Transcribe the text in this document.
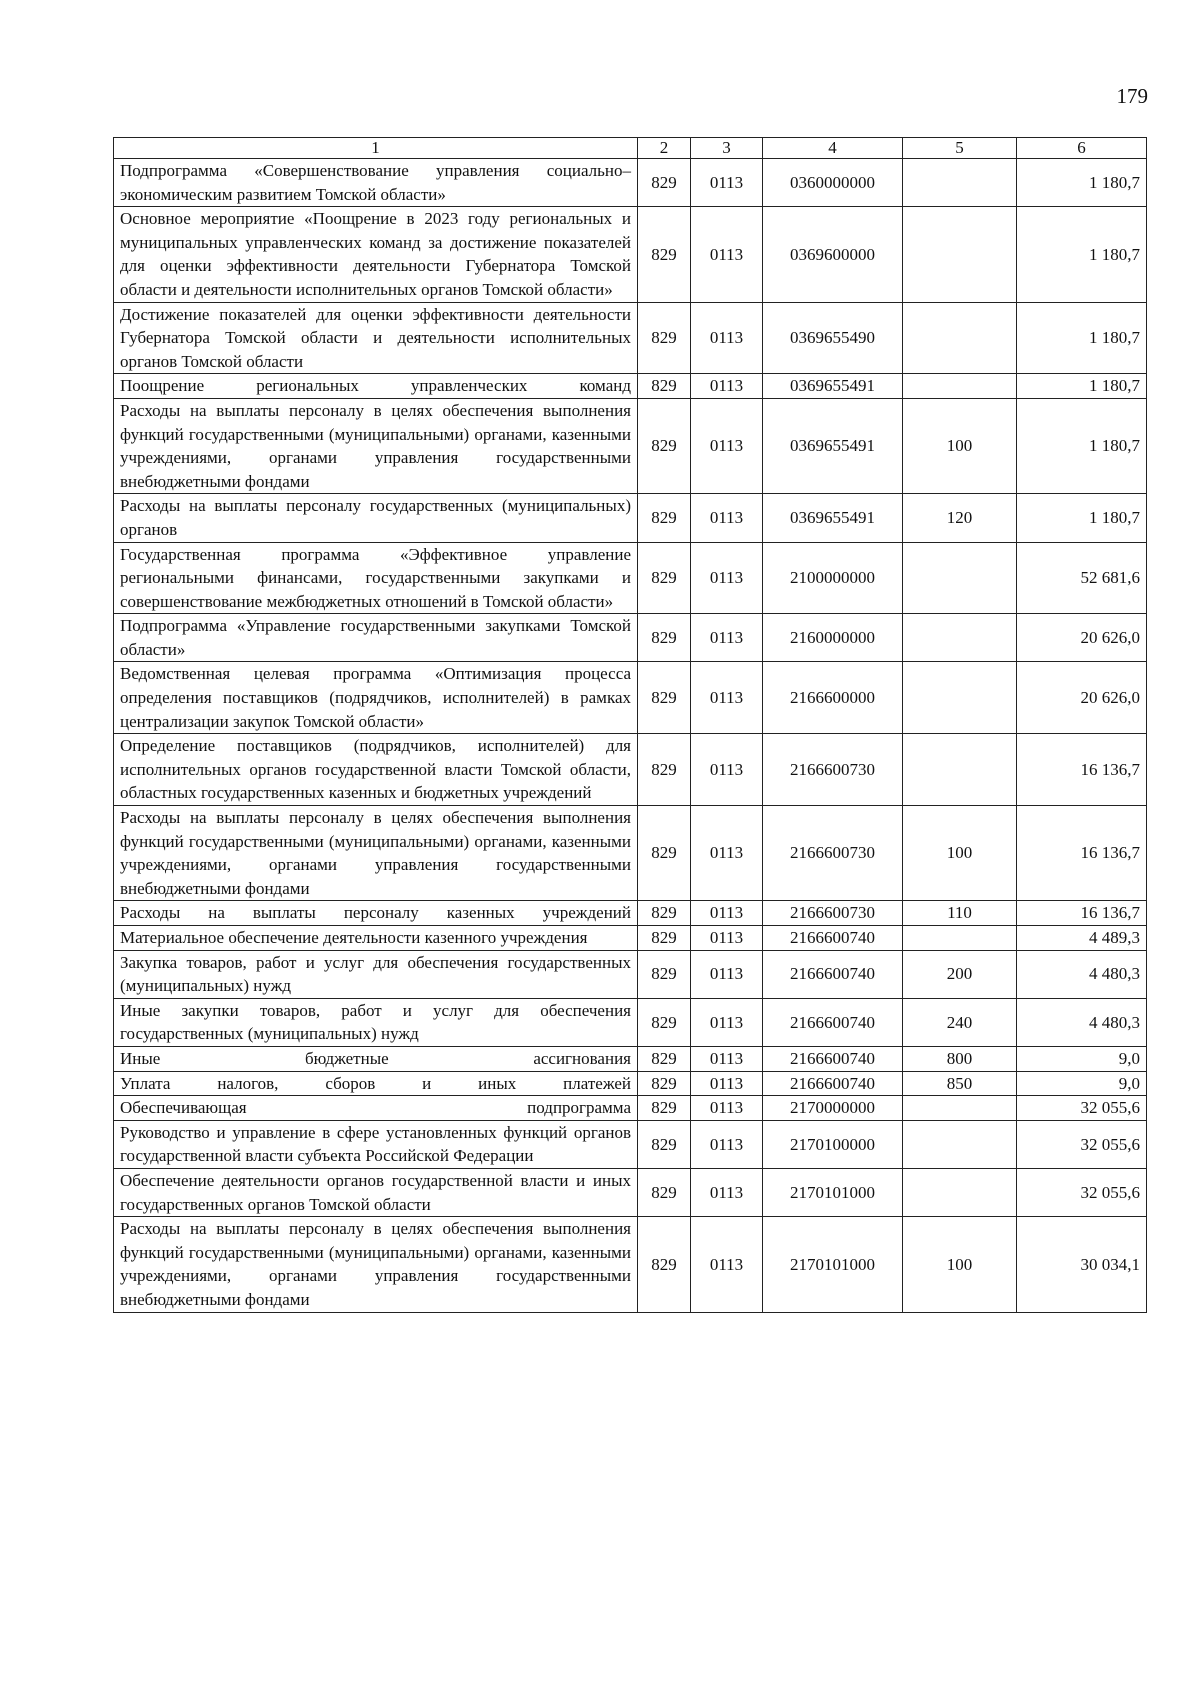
179
1	2	3	4	5	6
Подпрограмма «Совершенствование управления социально–экономическим развитием Томской области»	829	0113	0360000000		1 180,7
Основное мероприятие «Поощрение в 2023 году региональных и муниципальных управленческих команд за достижение показателей для оценки эффективности деятельности Губернатора Томской области и деятельности исполнительных органов Томской области»	829	0113	0369600000		1 180,7
Достижение показателей для оценки эффективности деятельности Губернатора Томской области и деятельности исполнительных органов Томской области	829	0113	0369655490		1 180,7
Поощрение региональных управленческих команд	829	0113	0369655491		1 180,7
Расходы на выплаты персоналу в целях обеспечения выполнения функций государственными (муниципальными) органами, казенными учреждениями, органами управления государственными внебюджетными фондами	829	0113	0369655491	100	1 180,7
Расходы на выплаты персоналу государственных (муниципальных) органов	829	0113	0369655491	120	1 180,7
Государственная программа «Эффективное управление региональными финансами, государственными закупками и совершенствование межбюджетных отношений в Томской области»	829	0113	2100000000		52 681,6
Подпрограмма «Управление государственными закупками Томской области»	829	0113	2160000000		20 626,0
Ведомственная целевая программа «Оптимизация процесса определения поставщиков (подрядчиков, исполнителей) в рамках централизации закупок Томской области»	829	0113	2166600000		20 626,0
Определение поставщиков (подрядчиков, исполнителей) для исполнительных органов государственной власти Томской области, областных государственных казенных и бюджетных учреждений	829	0113	2166600730		16 136,7
Расходы на выплаты персоналу в целях обеспечения выполнения функций государственными (муниципальными) органами, казенными учреждениями, органами управления государственными внебюджетными фондами	829	0113	2166600730	100	16 136,7
Расходы на выплаты персоналу казенных учреждений	829	0113	2166600730	110	16 136,7
Материальное обеспечение деятельности казенного учреждения	829	0113	2166600740		4 489,3
Закупка товаров, работ и услуг для обеспечения государственных (муниципальных) нужд	829	0113	2166600740	200	4 480,3
Иные закупки товаров, работ и услуг для обеспечения государственных (муниципальных) нужд	829	0113	2166600740	240	4 480,3
Иные бюджетные ассигнования	829	0113	2166600740	800	9,0
Уплата налогов, сборов и иных платежей	829	0113	2166600740	850	9,0
Обеспечивающая подпрограмма	829	0113	2170000000		32 055,6
Руководство и управление в сфере установленных функций органов государственной власти субъекта Российской Федерации	829	0113	2170100000		32 055,6
Обеспечение деятельности органов государственной власти и иных государственных органов Томской области	829	0113	2170101000		32 055,6
Расходы на выплаты персоналу в целях обеспечения выполнения функций государственными (муниципальными) органами, казенными учреждениями, органами управления государственными внебюджетными фондами	829	0113	2170101000	100	30 034,1
